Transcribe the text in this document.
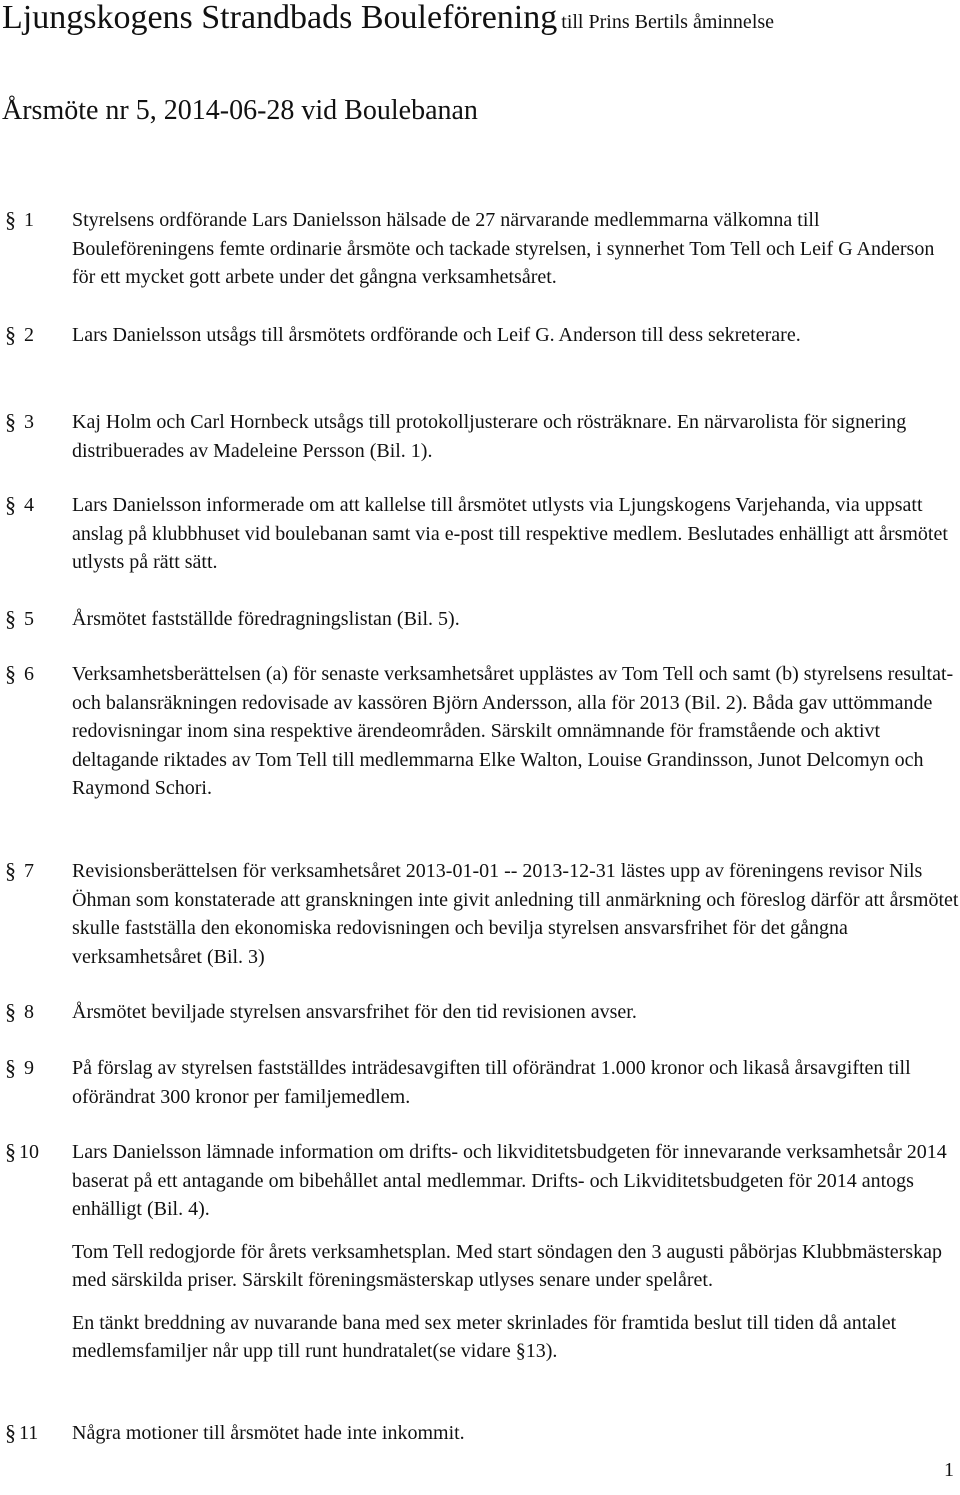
Ljungskogens Strandbads Bouleförening till Prins Bertils åminnelse
Årsmöte nr 5, 2014-06-28 vid Boulebanan
§ 1 Styrelsens ordförande Lars Danielsson hälsade de 27 närvarande medlemmarna välkomna till Bouleföreningens femte ordinarie årsmöte och tackade styrelsen, i synnerhet Tom Tell och Leif G Anderson för ett mycket gott arbete under det gångna verksamhetsåret.

§ 2 Lars Danielsson utsågs till årsmötets ordförande och Leif G. Anderson till dess sekreterare.

§ 3 Kaj Holm och Carl Hornbeck utsågs till protokolljusterare och rösträknare. En närvarolista för signering distribuerades av Madeleine Persson (Bil. 1).

§ 4 Lars Danielsson informerade om att kallelse till årsmötet utlysts via Ljungskogens Varjehanda, via uppsatt anslag på klubbhuset vid boulebanan samt via e-post till respektive medlem. Beslutades enhälligt att årsmötet utlysts på rätt sätt.

§ 5 Årsmötet fastställde föredragningslistan (Bil. 5).

§ 6 Verksamhetsberättelsen (a) för senaste verksamhetsåret upplästes av Tom Tell och samt (b) styrelsens resultat- och balansräkningen redovisade av kassören Björn Andersson, alla för 2013 (Bil. 2). Båda gav uttömmande redovisningar inom sina respektive ärendeområden. Särskilt omnämnande för framstående och aktivt deltagande riktades av Tom Tell till medlemmarna Elke Walton, Louise Grandinsson, Junot Delcomyn och Raymond Schori.

§ 7 Revisionsberättelsen för verksamhetsåret 2013-01-01 -- 2013-12-31 lästes upp av föreningens revisor Nils Öhman som konstaterade att granskningen inte givit anledning till anmärkning och föreslog därför att årsmötet skulle fastställa den ekonomiska redovisningen och bevilja styrelsen ansvarsfrihet för det gångna verksamhetsåret (Bil. 3)

§ 8 Årsmötet beviljade styrelsen ansvarsfrihet för den tid revisionen avser.

§ 9 På förslag av styrelsen fastställdes inträdesavgiften till oförändrat 1.000 kronor och likaså årsavgiften till oförändrat 300 kronor per familjemedlem.

§ 10 Lars Danielsson lämnade information om drifts- och likviditetsbudgeten för innevarande verksamhetsår 2014 baserat på ett antagande om bibehållet antal medlemmar. Drifts- och Likviditetsbudgeten för 2014 antogs enhälligt (Bil. 4).

Tom Tell redogjorde för årets verksamhetsplan. Med start söndagen den 3 augusti påbörjas Klubbmästerskap med särskilda priser. Särskilt föreningsmästerskap utlyses senare under spelåret.

En tänkt breddning av nuvarande bana med sex meter skrinlades för framtida beslut till tiden då antalet medlemsfamiljer når upp till runt hundratalet(se vidare §13).

§ 11 Några motioner till årsmötet hade inte inkommit.

1
